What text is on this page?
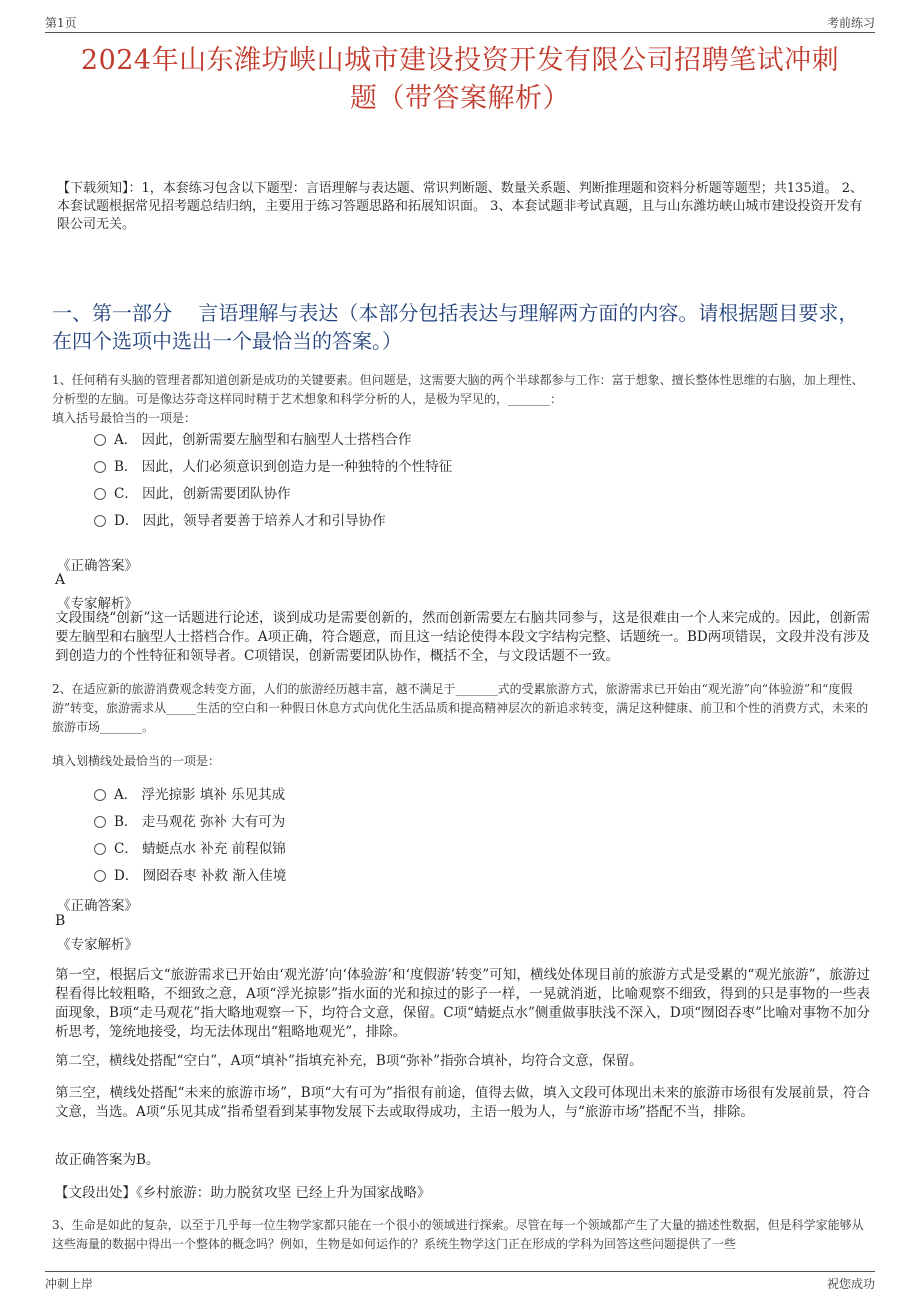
第1页	考前练习
2024年山东潍坊峡山城市建设投资开发有限公司招聘笔试冲刺
题（带答案解析）
【下载须知】：1，本套练习包含以下题型：言语理解与表达题、常识判断题、数量关系题、判断推理题和资料分析题等题型；共135道。 2、本套试题根据常见招考题总结归纳，主要用于练习答题思路和拓展知识面。 3、本套试题非考试真题，且与山东潍坊峡山城市建设投资开发有限公司无关。
一、第一部分　 言语理解与表达（本部分包括表达与理解两方面的内容。请根据题目要求，在四个选项中选出一个最恰当的答案。）
1、任何稍有头脑的管理者都知道创新是成功的关键要素。但问题是，这需要大脑的两个半球都参与工作：富于想象、擅长整体性思维的右脑，加上理性、分析型的左脑。可是像达芬奇这样同时精于艺术想象和科学分析的人，是极为罕见的，_______：
填入括号最恰当的一项是：
A． 因此，创新需要左脑型和右脑型人士搭档合作
B． 因此，人们必须意识到创造力是一种独特的个性特征
C． 因此，创新需要团队协作
D． 因此，领导者要善于培养人才和引导协作
《正确答案》
A
《专家解析》
文段围绕“创新”这一话题进行论述，谈到成功是需要创新的，然而创新需要左右脑共同参与，这是很难由一个人来完成的。因此，创新需要左脑型和右脑型人士搭档合作。A项正确，符合题意，而且这一结论使得本段文字结构完整、话题统一。BD两项错误，文段并没有涉及到创造力的个性特征和领导者。C项错误，创新需要团队协作，概括不全，与文段话题不一致。
2、在适应新的旅游消费观念转变方面，人们的旅游经历越丰富，越不满足于_______式的受累旅游方式，旅游需求已开始由“观光游”向“体验游”和“度假游”转变，旅游需求从_____生活的空白和一种假日休息方式向优化生活品质和提高精神层次的新追求转变，满足这种健康、前卫和个性的消费方式，未来的旅游市场_______。
填入划横线处最恰当的一项是：
A． 浮光掠影 填补 乐见其成
B． 走马观花 弥补 大有可为
C． 蜻蜓点水 补充 前程似锦
D． 囫囵吞枣 补救 渐入佳境
《正确答案》
B
《专家解析》
第一空，根据后文“旅游需求已开始由‘观光游’向‘体验游’和‘度假游’转变”可知，横线处体现目前的旅游方式是受累的“观光旅游”，旅游过程看得比较粗略，不细致之意，A项“浮光掠影”指水面的光和掠过的影子一样，一晃就消逝，比喻观察不细致，得到的只是事物的一些表面现象，B项“走马观花”指大略地观察一下，均符合文意，保留。C项“蜻蜓点水”侧重做事肤浅不深入，D项“囫囵吞枣”比喻对事物不加分析思考，笼统地接受，均无法体现出“粗略地观光”，排除。
第二空，横线处搭配“空白”，A项“填补”指填充补充，B项“弥补”指弥合填补，均符合文意，保留。
第三空，横线处搭配“未来的旅游市场”，B项“大有可为”指很有前途，值得去做，填入文段可体现出未来的旅游市场很有发展前景，符合文意，当选。A项“乐见其成”指希望看到某事物发展下去或取得成功，主语一般为人，与“旅游市场”搭配不当，排除。
故正确答案为B。
【文段出处】《乡村旅游：助力脱贫攻坚 已经上升为国家战略》
3、生命是如此的复杂，以至于几乎每一位生物学家都只能在一个很小的领域进行探索。尽管在每一个领域都产生了大量的描述性数据，但是科学家能够从这些海量的数据中得出一个整体的概念吗？例如，生物是如何运作的？系统生物学这门正在形成的学科为回答这些问题提供了一些
冲刺上岸	祝您成功
